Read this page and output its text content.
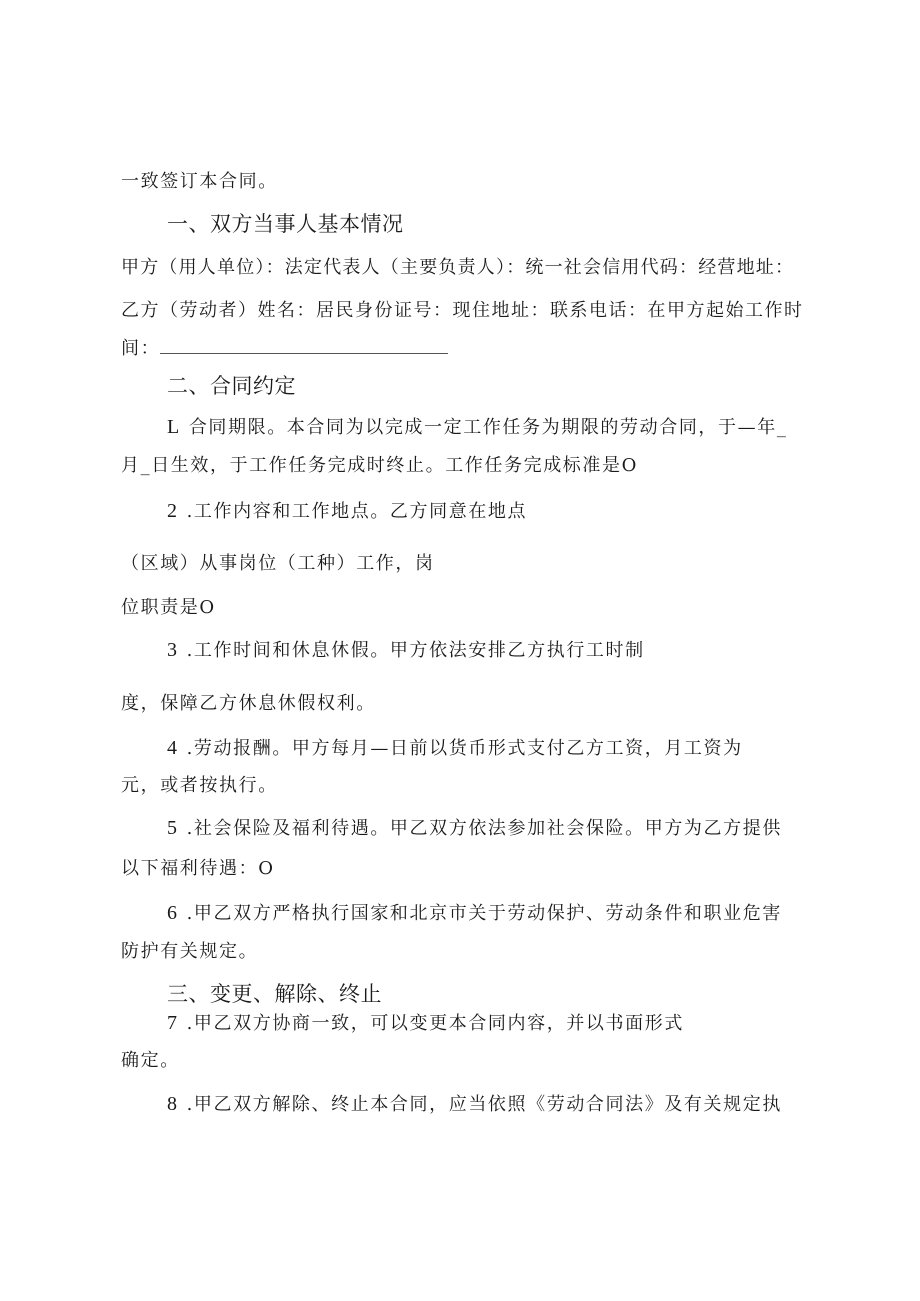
一致签订本合同。
一、双方当事人基本情况
甲方（用人单位）：法定代表人（主要负责人）：统一社会信用代码：经营地址：
乙方（劳动者）姓名：居民身份证号：现住地址：联系电话：在甲方起始工作时
间：
二、合同约定
L 合同期限。本合同为以完成一定工作任务为期限的劳动合同，于—年_
月_日生效，于工作任务完成时终止。工作任务完成标准是O
2 .工作内容和工作地点。乙方同意在地点
（区域）从事岗位（工种）工作，岗
位职责是O
3 .工作时间和休息休假。甲方依法安排乙方执行工时制
度，保障乙方休息休假权利。
4 .劳动报酬。甲方每月—日前以货币形式支付乙方工资，月工资为
元，或者按执行。
5 .社会保险及福利待遇。甲乙双方依法参加社会保险。甲方为乙方提供
以下福利待遇：O
6 .甲乙双方严格执行国家和北京市关于劳动保护、劳动条件和职业危害
防护有关规定。
三、变更、解除、终止
7 .甲乙双方协商一致，可以变更本合同内容，并以书面形式
确定。
8 .甲乙双方解除、终止本合同，应当依照《劳动合同法》及有关规定执
